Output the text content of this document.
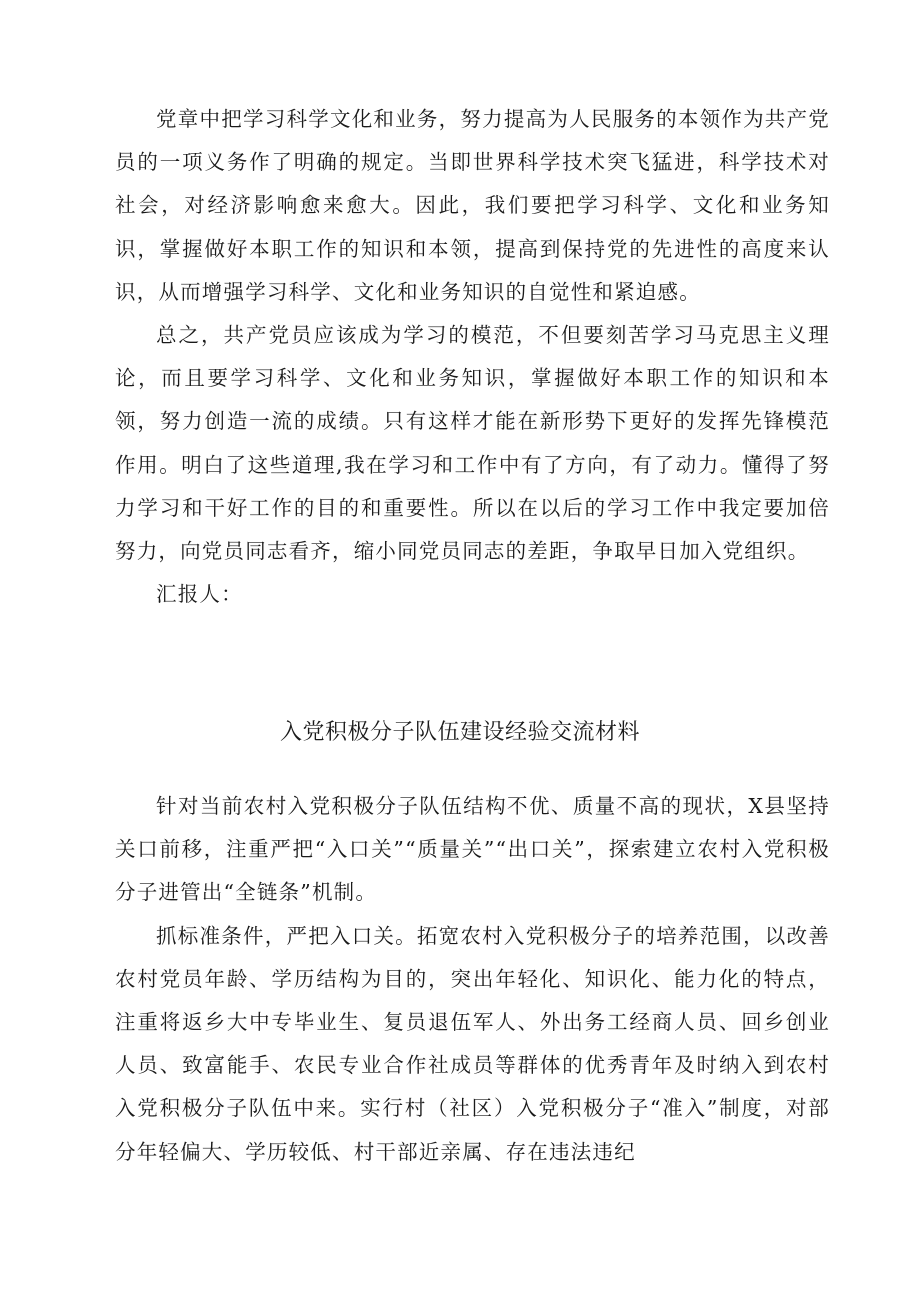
党章中把学习科学文化和业务，努力提高为人民服务的本领作为共产党员的一项义务作了明确的规定。当即世界科学技术突飞猛进，科学技术对社会，对经济影响愈来愈大。因此，我们要把学习科学、文化和业务知识，掌握做好本职工作的知识和本领，提高到保持党的先进性的高度来认识，从而增强学习科学、文化和业务知识的自觉性和紧迫感。

总之，共产党员应该成为学习的模范，不但要刻苦学习马克思主义理论，而且要学习科学、文化和业务知识，掌握做好本职工作的知识和本领，努力创造一流的成绩。只有这样才能在新形势下更好的发挥先锋模范作用。明白了这些道理,我在学习和工作中有了方向，有了动力。懂得了努力学习和干好工作的目的和重要性。所以在以后的学习工作中我定要加倍努力，向党员同志看齐，缩小同党员同志的差距，争取早日加入党组织。

汇报人：

入党积极分子队伍建设经验交流材料

针对当前农村入党积极分子队伍结构不优、质量不高的现状，X县坚持关口前移，注重严把“入口关”“质量关”“出口关”，探索建立农村入党积极分子进管出“全链条”机制。

抓标准条件，严把入口关。拓宽农村入党积极分子的培养范围，以改善农村党员年龄、学历结构为目的，突出年轻化、知识化、能力化的特点，注重将返乡大中专毕业生、复员退伍军人、外出务工经商人员、回乡创业人员、致富能手、农民专业合作社成员等群体的优秀青年及时纳入到农村入党积极分子队伍中来。实行村（社区）入党积极分子“准入”制度，对部分年轻偏大、学历较低、村干部近亲属、存在违法违纪
